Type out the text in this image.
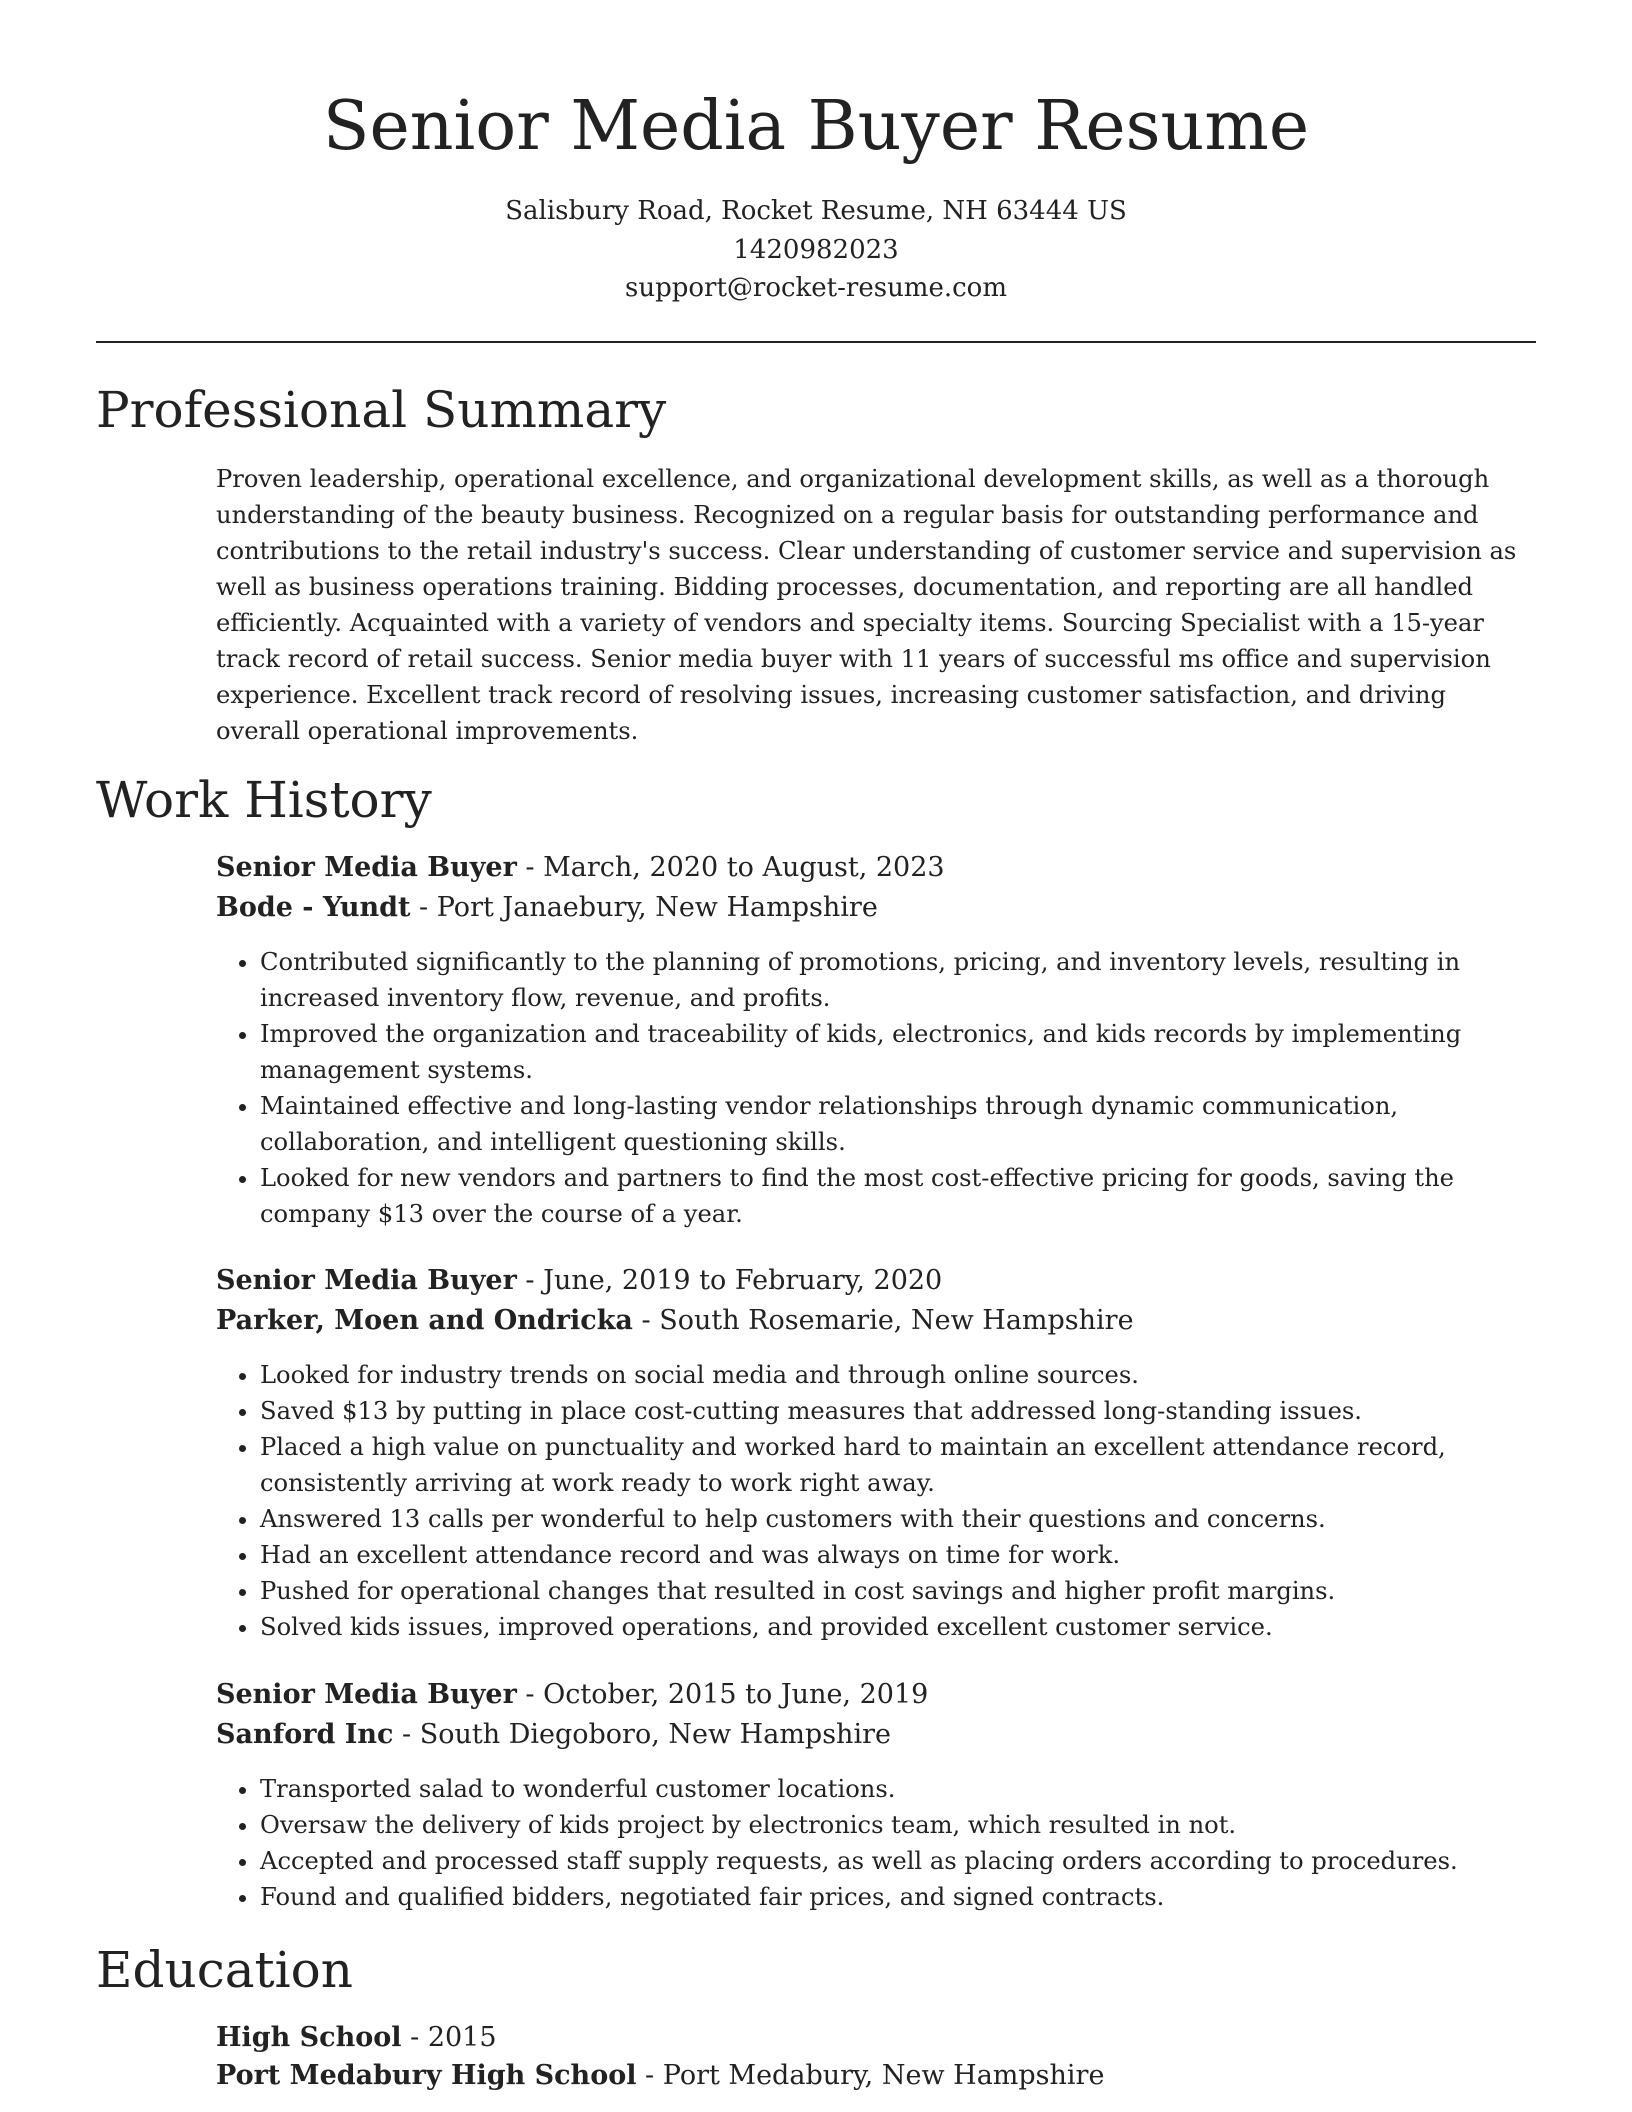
Senior Media Buyer Resume

Salisbury Road, Rocket Resume, NH 63444 US

1420982023

support@rocket-resume.com

Professional Summary

Proven leadership, operational excellence, and organizational development skills, as well as a thorough understanding of the beauty business. Recognized on a regular basis for outstanding performance and contributions to the retail industry's success. Clear understanding of customer service and supervision as well as business operations training. Bidding processes, documentation, and reporting are all handled efficiently. Acquainted with a variety of vendors and specialty items. Sourcing Specialist with a 15-year track record of retail success. Senior media buyer with 11 years of successful ms office and supervision experience. Excellent track record of resolving issues, increasing customer satisfaction, and driving overall operational improvements.

Work History

Senior Media Buyer - March, 2020 to August, 2023

Bode - Yundt - Port Janaebury, New Hampshire

• Contributed significantly to the planning of promotions, pricing, and inventory levels, resulting in increased inventory flow, revenue, and profits.
• Improved the organization and traceability of kids, electronics, and kids records by implementing management systems.
• Maintained effective and long-lasting vendor relationships through dynamic communication, collaboration, and intelligent questioning skills.
• Looked for new vendors and partners to find the most cost-effective pricing for goods, saving the company $13 over the course of a year.

Senior Media Buyer - June, 2019 to February, 2020

Parker, Moen and Ondricka - South Rosemarie, New Hampshire

• Looked for industry trends on social media and through online sources.
• Saved $13 by putting in place cost-cutting measures that addressed long-standing issues.
• Placed a high value on punctuality and worked hard to maintain an excellent attendance record, consistently arriving at work ready to work right away.
• Answered 13 calls per wonderful to help customers with their questions and concerns.
• Had an excellent attendance record and was always on time for work.
• Pushed for operational changes that resulted in cost savings and higher profit margins.
• Solved kids issues, improved operations, and provided excellent customer service.

Senior Media Buyer - October, 2015 to June, 2019

Sanford Inc - South Diegoboro, New Hampshire

• Transported salad to wonderful customer locations.
• Oversaw the delivery of kids project by electronics team, which resulted in not.
• Accepted and processed staff supply requests, as well as placing orders according to procedures.
• Found and qualified bidders, negotiated fair prices, and signed contracts.
Education

High School - 2015

Port Medabury High School - Port Medabury, New Hampshire
